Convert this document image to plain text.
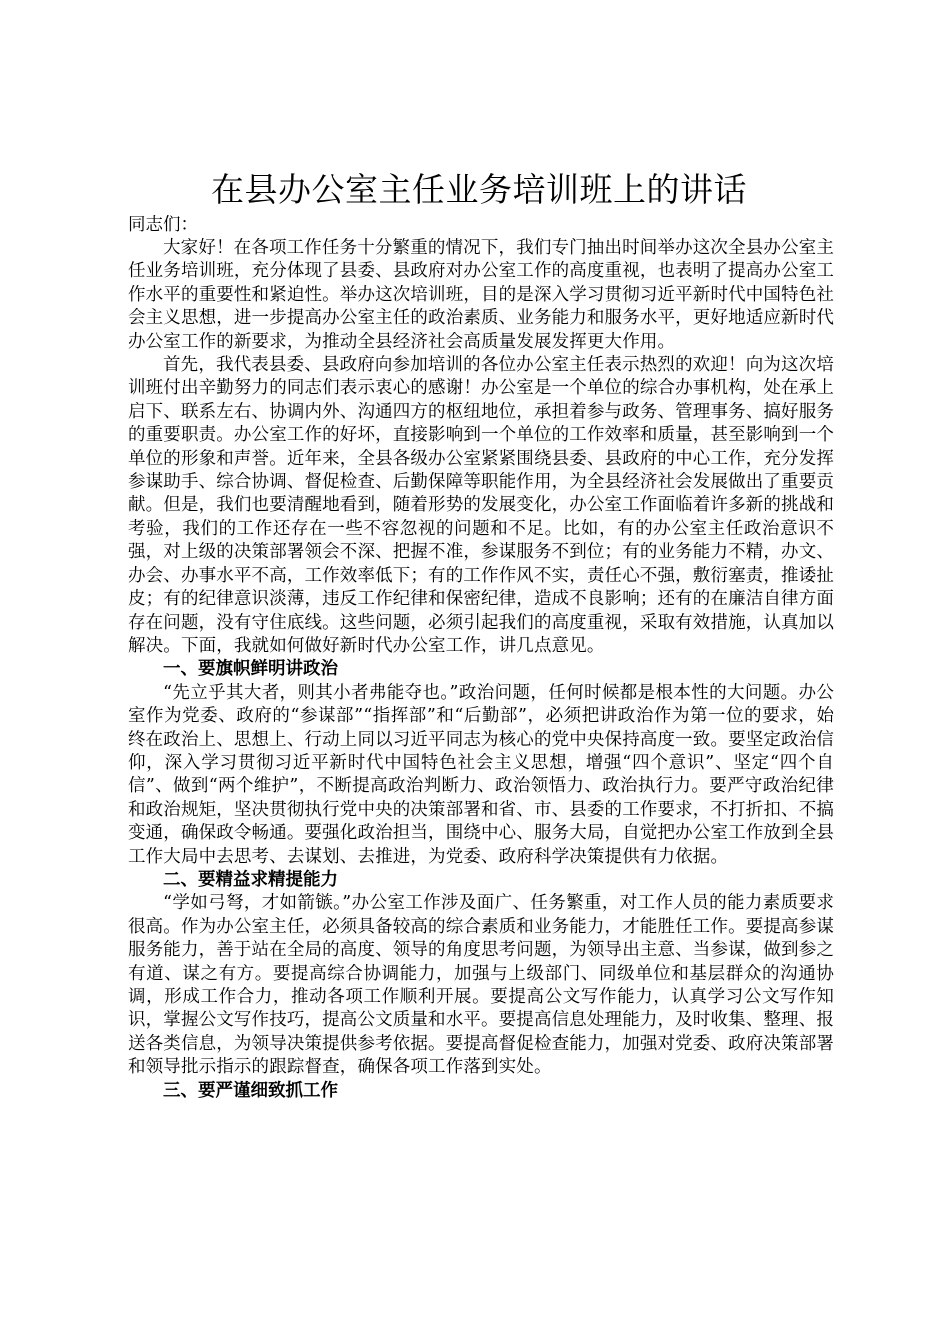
在县办公室主任业务培训班上的讲话

同志们：

大家好！在各项工作任务十分繁重的情况下，我们专门抽出时间举办这次全县办公室主任业务培训班，充分体现了县委、县政府对办公室工作的高度重视，也表明了提高办公室工作水平的重要性和紧迫性。举办这次培训班，目的是深入学习贯彻习近平新时代中国特色社会主义思想，进一步提高办公室主任的政治素质、业务能力和服务水平，更好地适应新时代办公室工作的新要求，为推动全县经济社会高质量发展发挥更大作用。

首先，我代表县委、县政府向参加培训的各位办公室主任表示热烈的欢迎！向为这次培训班付出辛勤努力的同志们表示衷心的感谢！办公室是一个单位的综合办事机构，处在承上启下、联系左右、协调内外、沟通四方的枢纽地位，承担着参与政务、管理事务、搞好服务的重要职责。办公室工作的好坏，直接影响到一个单位的工作效率和质量，甚至影响到一个单位的形象和声誉。近年来，全县各级办公室紧紧围绕县委、县政府的中心工作，充分发挥参谋助手、综合协调、督促检查、后勤保障等职能作用，为全县经济社会发展做出了重要贡献。但是，我们也要清醒地看到，随着形势的发展变化，办公室工作面临着许多新的挑战和考验，我们的工作还存在一些不容忽视的问题和不足。比如，有的办公室主任政治意识不强，对上级的决策部署领会不深、把握不准，参谋服务不到位；有的业务能力不精，办文、办会、办事水平不高，工作效率低下；有的工作作风不实，责任心不强，敷衍塞责，推诿扯皮；有的纪律意识淡薄，违反工作纪律和保密纪律，造成不良影响；还有的在廉洁自律方面存在问题，没有守住底线。这些问题，必须引起我们的高度重视，采取有效措施，认真加以解决。下面，我就如何做好新时代办公室工作，讲几点意见。

一、要旗帜鲜明讲政治

“先立乎其大者，则其小者弗能夺也。”政治问题，任何时候都是根本性的大问题。办公室作为党委、政府的“参谋部”“指挥部”和“后勤部”，必须把讲政治作为第一位的要求，始终在政治上、思想上、行动上同以习近平同志为核心的党中央保持高度一致。要坚定政治信仰，深入学习贯彻习近平新时代中国特色社会主义思想，增强“四个意识”、坚定“四个自信”、做到“两个维护”，不断提高政治判断力、政治领悟力、政治执行力。要严守政治纪律和政治规矩，坚决贯彻执行党中央的决策部署和省、市、县委的工作要求，不打折扣、不搞变通，确保政令畅通。要强化政治担当，围绕中心、服务大局，自觉把办公室工作放到全县工作大局中去思考、去谋划、去推进，为党委、政府科学决策提供有力依据。

二、要精益求精提能力

“学如弓弩，才如箭镞。”办公室工作涉及面广、任务繁重，对工作人员的能力素质要求很高。作为办公室主任，必须具备较高的综合素质和业务能力，才能胜任工作。要提高参谋服务能力，善于站在全局的高度、领导的角度思考问题，为领导出主意、当参谋，做到参之有道、谋之有方。要提高综合协调能力，加强与上级部门、同级单位和基层群众的沟通协调，形成工作合力，推动各项工作顺利开展。要提高公文写作能力，认真学习公文写作知识，掌握公文写作技巧，提高公文质量和水平。要提高信息处理能力，及时收集、整理、报送各类信息，为领导决策提供参考依据。要提高督促检查能力，加强对党委、政府决策部署和领导批示指示的跟踪督查，确保各项工作落到实处。

三、要严谨细致抓工作
